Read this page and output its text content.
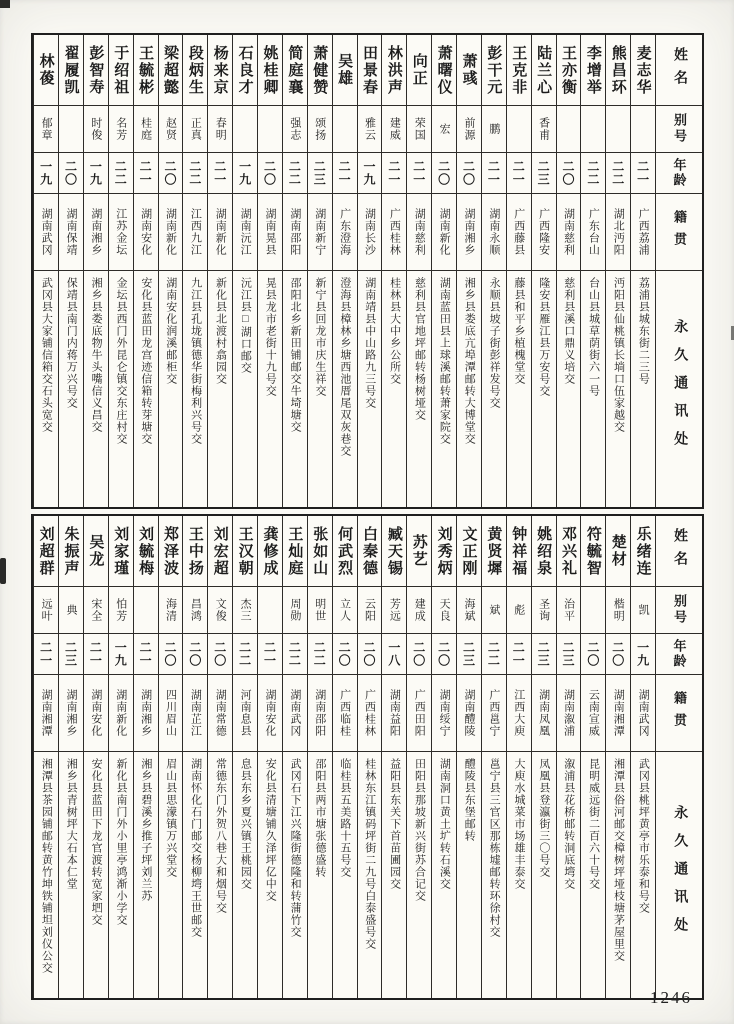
姓名
别号
年龄
籍贯
永久通讯处
麦志华
二一
广西荔浦
荔浦县城东街二三号
熊昌环
二二
湖北沔阳
沔阳县仙桃镇长埫口伍家越交
李增举
二二
广东台山
台山县城草荫街六一号
王亦衡
二〇
湖南慈利
慈利县溪口鼎义培交
陆兰心
香甫
二三
广西隆安
隆安县雁江县万安号交
王克非
二一
广西藤县
藤县和平乡植槐堂交
彭干元
鹏
二一
湖南永顺
永顺县坡子街彭祥发号交
萧彧
前源
二〇
湖南湘乡
湘乡县娄底亢埠潭邮转大博堂交
萧曙仪
宏
二〇
湖南新化
湖南蓝田县上球溪邮转萧家院交
向正
荣国
二一
湖南慈利
慈利县官地坪邮转杨树垭交
林洪声
建威
二一
广西桂林
桂林县大中乡公所交
田景春
雅云
一九
湖南长沙
湖南靖县中山路九三号交
吴雄
二一
广东澄海
澄海县樟林乡塘西池厝尾双灰巷交
萧健赞
颂扬
二三
湖南新宁
新宁县回龙市庆生祥交
简庭襄
强志
二二
湖南邵阳
邵阳北乡新田铺邮交牛埼塘交
姚桂卿
二〇
湖南晃县
晃县龙市老街十九号交
石良才
一九
湖南沅江
沅江县□湖口邮交
杨来京
春明
二一
湖南新化
新化县北渡村翕园交
段炳生
正真
二二
江西九江
九江县孔垅镇德华街梅利兴号交
梁超懿
赵贤
二〇
湖南新化
湖南安化润溪邮柜交
王毓彬
桂庭
二一
湖南安化
安化县蓝田龙宫迹信箱转芽塘交
于绍祖
名芳
二二
江苏金坛
金坛县西门外昆仑镇交东庄村交
彭智寿
时俊
一九
湖南湘乡
湘乡县娄底物牛头嘴信义昌交
翟履凯
二〇
湖南保靖
保靖县南门内蒋万兴号交
林葰
郁章
一九
湖南武冈
武冈县大家铺信箱交石头宽交
姓名
别号
年龄
籍贯
永久通讯处
乐绪连
凯
一九
湖南武冈
武冈县桃坪黄亭市乐泰和号交
楚材
楷明
二〇
湖南湘潭
湘潭县俗河邮交樟树坪垭枝塘茅屋里交
符毓智
二〇
云南宣威
昆明威远街二百六十号交
邓兴礼
治平
二三
湖南溆浦
溆浦县花桥邮转洞底塆交
姚绍泉
圣询
二三
湖南凤凰
凤凰县登瀛街三〇号交
钟祥福
彪
二一
江西大庾
大庾水城菜市场雄丰泰交
黄贤墀
斌
二二
广西邕宁
邕宁县三官区那栋墟邮转环徐村交
文正刚
海斌
二三
湖南醴陵
醴陵县东堡邮转
刘秀炳
天良
二〇
湖南绥宁
湖南洞口黄土圹转石溪交
苏艺
建成
二〇
广西田阳
田阳县那坡新兴街苏合记交
臧天锡
芳远
一八
湖南益阳
益阳县东关下首苗圃园交
白秦德
云阳
二〇
广西桂林
桂林东江镇码坪街二九号白泰盛号交
何武烈
立人
二〇
广西临桂
临桂县五美路十五号交
张如山
明世
二二
湖南邵阳
邵阳县两市塘张德盛转
王灿庭
周勋
二二
湖南武冈
武冈石下江兴隆街德隆和转蒲竹交
龚修成
二一
湖南安化
安化县清塘铺久泽坪亿中交
王汉朝
杰三
二二
河南息县
息县东乡夏兴镇王桃园交
刘宏超
文俊
二〇
湖南常德
常德东门外贺八巷大和烟号交
王中扬
昌鸿
二〇
湖南芷江
湖南怀化石门邮交杨柳塆王世邮交
郑泽波
海清
二〇
四川眉山
眉山县思濛镇万兴堂交
刘毓梅
二一
湖南湘乡
湘乡县碧溪乡推子坪刘兰苏
刘家瑾
怕芳
一九
湖南新化
新化县南门外小里亭鸿渐小学交
吴龙
宋全
二一
湖南安化
安化县蓝田下龙官渡转宽家垇交
朱振声
典
二三
湖南湘乡
湘乡县青树坪大石本仁堂
刘超群
远叶
二一
湖南湘潭
湘潭县茶园铺邮转黄竹坤铁铺坦刘仪公交
1246
